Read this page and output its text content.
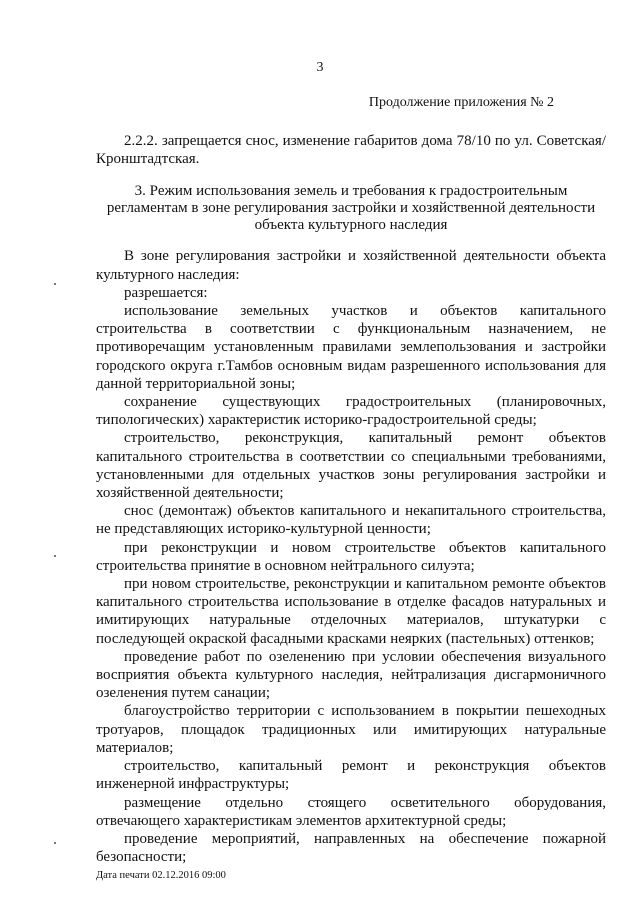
3
Продолжение приложения № 2

2.2.2. запрещается снос, изменение габаритов дома 78/10 по ул. Советская/Кронштадтская.

3. Режим использования земель и требования к градостроительным регламентам в зоне регулирования застройки и хозяйственной деятельности объекта культурного наследия

В зоне регулирования застройки и хозяйственной деятельности объекта культурного наследия:

разрешается:

использование земельных участков и объектов капитального строительства в соответствии с функциональным назначением, не противоречащим установленным правилами землепользования и застройки городского округа г.Тамбов основным видам разрешенного использования для данной территориальной зоны;

сохранение существующих градостроительных (планировочных, типологических) характеристик историко-градостроительной среды;

строительство, реконструкция, капитальный ремонт объектов капитального строительства в соответствии со специальными требованиями, установленными для отдельных участков зоны регулирования застройки и хозяйственной деятельности;

снос (демонтаж) объектов капитального и некапитального строительства, не представляющих историко-культурной ценности;

при реконструкции и новом строительстве объектов капитального строительства принятие в основном нейтрального силуэта;

при новом строительстве, реконструкции и капитальном ремонте объектов капитального строительства использование в отделке фасадов натуральных и имитирующих натуральные отделочных материалов, штукатурки с последующей окраской фасадными красками неярких (пастельных) оттенков;

проведение работ по озеленению при условии обеспечения визуального восприятия объекта культурного наследия, нейтрализация дисгармоничного озеленения путем санации;

благоустройство территории с использованием в покрытии пешеходных тротуаров, площадок традиционных или имитирующих натуральные материалов;

строительство, капитальный ремонт и реконструкция объектов инженерной инфраструктуры;

размещение отдельно стоящего осветительного оборудования, отвечающего характеристикам элементов архитектурной среды;

проведение мероприятий, направленных на обеспечение пожарной безопасности;

Дата печати 02.12.2016 09:00
